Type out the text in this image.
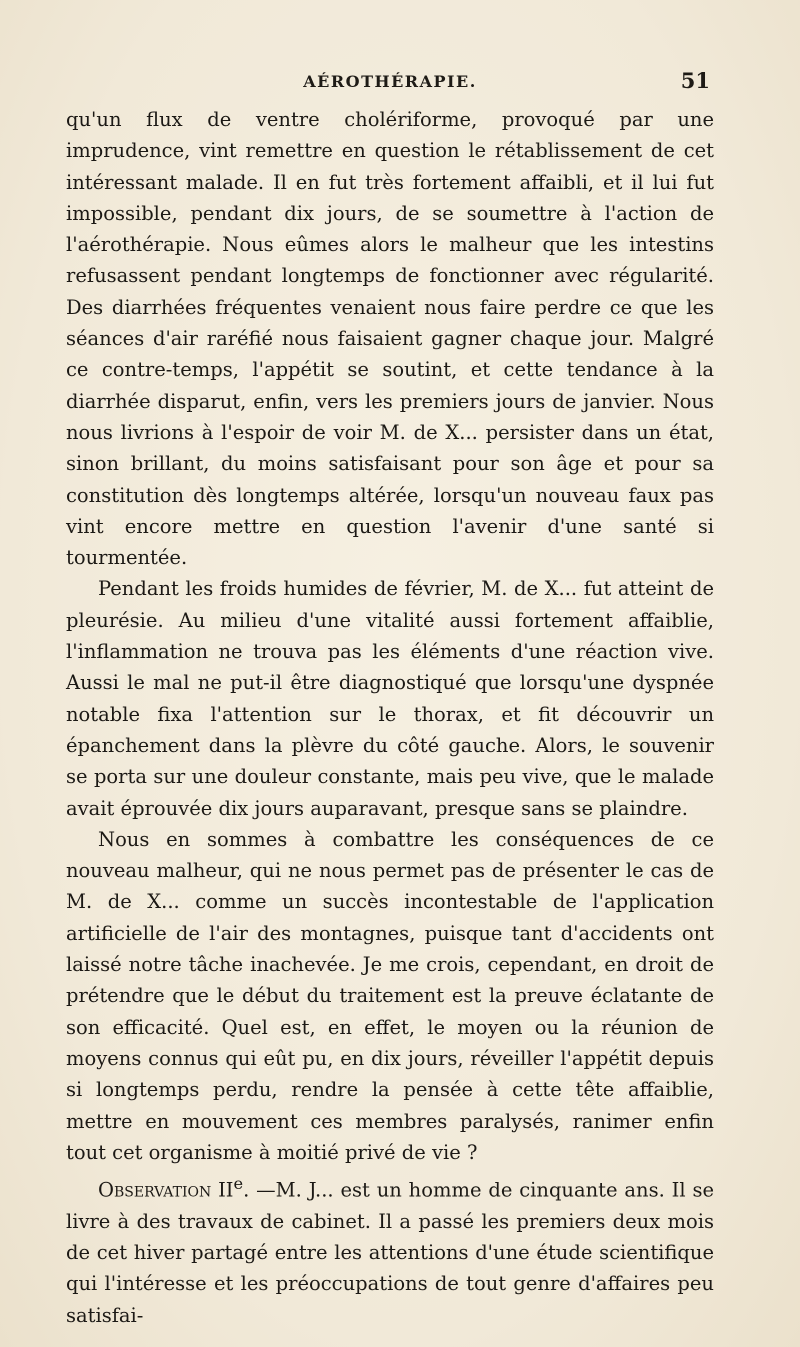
AÉROTHÉRAPIE.	51

qu'un flux de ventre cholériforme, provoqué par une imprudence, vint remettre en question le rétablissement de cet intéressant malade. Il en fut très fortement affaibli, et il lui fut impossible, pendant dix jours, de se soumettre à l'action de l'aérothérapie. Nous eûmes alors le malheur que les intestins refusassent pendant longtemps de fonctionner avec régularité. Des diarrhées fréquentes venaient nous faire perdre ce que les séances d'air raréfié nous faisaient gagner chaque jour. Malgré ce contre-temps, l'appétit se soutint, et cette tendance à la diarrhée disparut, enfin, vers les premiers jours de janvier. Nous nous livrions à l'espoir de voir M. de X... persister dans un état, sinon brillant, du moins satisfaisant pour son âge et pour sa constitution dès longtemps altérée, lorsqu'un nouveau faux pas vint encore mettre en question l'avenir d'une santé si tourmentée.

Pendant les froids humides de février, M. de X... fut atteint de pleurésie. Au milieu d'une vitalité aussi fortement affaiblie, l'inflammation ne trouva pas les éléments d'une réaction vive. Aussi le mal ne put-il être diagnostiqué que lorsqu'une dyspnée notable fixa l'attention sur le thorax, et fit découvrir un épanchement dans la plèvre du côté gauche. Alors, le souvenir se porta sur une douleur constante, mais peu vive, que le malade avait éprouvée dix jours auparavant, presque sans se plaindre.

Nous en sommes à combattre les conséquences de ce nouveau malheur, qui ne nous permet pas de présenter le cas de M. de X... comme un succès incontestable de l'application artificielle de l'air des montagnes, puisque tant d'accidents ont laissé notre tâche inachevée. Je me crois, cependant, en droit de prétendre que le début du traitement est la preuve éclatante de son efficacité. Quel est, en effet, le moyen ou la réunion de moyens connus qui eût pu, en dix jours, réveiller l'appétit depuis si longtemps perdu, rendre la pensée à cette tête affaiblie, mettre en mouvement ces membres paralysés, ranimer enfin tout cet organisme à moitié privé de vie ?

Observation IIe. —M. J... est un homme de cinquante ans. Il se livre à des travaux de cabinet. Il a passé les premiers deux mois de cet hiver partagé entre les attentions d'une étude scientifique qui l'intéresse et les préoccupations de tout genre d'affaires peu satisfai-
